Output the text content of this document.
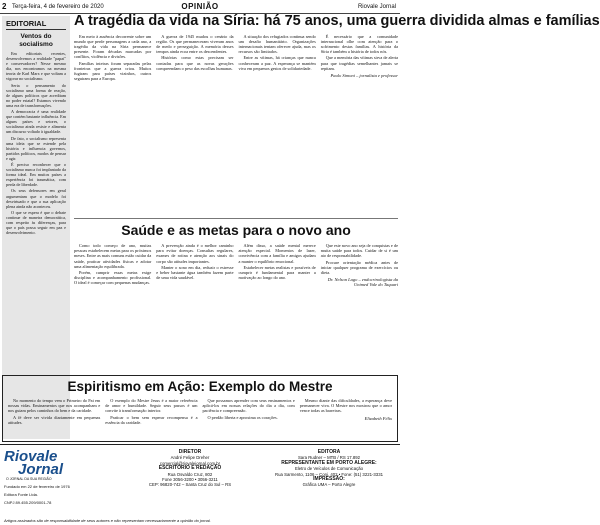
2 Terça-feira, 4 de fevereiro de 2020	OPINIÃO	Riovale Jornal
EDITORIAL
Ventos do socialismo

Em editoriais recentes, desenvolvemos a realidade "papai" e conservadores? Nesse mesmo dia, nos encontramos na mesma teoria de Karl Marx e que voltam a vigorar no socialismo.

Seria o pensamento do socialismo uma forma de reação, de alguns políticos que acreditam no poder estatal? Estamos vivendo uma era de transformações.

A democracia é uma realidade que contém bastante influência. Em alguns países e setores, o socialismo ainda resiste e alimenta um discurso voltado à igualdade.

De fato, o socialismo representa uma ideia que se estende pela história e influencia governos, partidos políticos, modos de pensar e agir.

É preciso reconhecer que o socialismo nunca foi implantado da forma ideal. Em muitos países a experiência foi traumática, com perda de liberdade.

Os seus defensores em geral argumentam que o modelo foi desvirtuado e que a sua aplicação plena ainda não aconteceu.

O que se espera é que o debate continue de maneira democrática, com respeito às diferenças, para que o país possa seguir em paz e desenvolvimento.

A tragédia da vida na Síria: há 75 anos, uma guerra dividida almas e famílias

Em meio à ausência decorrente sobre um mundo que perde personagens a cada ano, a tragédia da vida na Síria permanece presente. Foram décadas marcadas por conflitos, violência e divisões.

Famílias inteiras foram separadas pelas fronteiras que a guerra criou. Muitos fugiram para países vizinhos, outros seguiram para a Europa.

A guerra de 1945 mudou o cenário da região. Os que permaneceram viveram anos de medo e perseguição. A memória desses tempos ainda ecoa entre os descendentes.

Histórias como estas precisam ser contadas para que as novas gerações compreendam o peso das escolhas humanas.

A situação dos refugiados continua sendo um desafio humanitário. Organizações internacionais tentam oferecer ajuda, mas os recursos são limitados.

Entre as vítimas, há crianças que nunca conheceram a paz. A esperança se mantém viva em pequenos gestos de solidariedade.

É necessário que a comunidade internacional olhe com atenção para o sofrimento destas famílias. A história da Síria é também a história de todos nós.

Que a memória das vítimas sirva de alerta para que tragédias semelhantes jamais se repitam.

Paulo Simoni – jornalista e professor
Saúde e as metas para o novo ano

Como todo começo de ano, muitas pessoas estabelecem metas para os próximos meses. Entre as mais comuns estão cuidar da saúde, praticar atividades físicas e adotar uma alimentação equilibrada.

Porém, cumprir essas metas exige disciplina e acompanhamento profissional. O ideal é começar com pequenas mudanças.

A prevenção ainda é o melhor caminho para evitar doenças. Consultas regulares, exames de rotina e atenção aos sinais do corpo são atitudes importantes.

Manter o sono em dia, reduzir o estresse e beber bastante água também fazem parte de uma vida saudável.

Além disso, a saúde mental merece atenção especial. Momentos de lazer, convivência com a família e amigos ajudam a manter o equilíbrio emocional.

Estabelecer metas realistas e possíveis de cumprir é fundamental para manter a motivação ao longo do ano.

Que este novo ano seja de conquistas e de muita saúde para todos. Cuidar de si é um ato de responsabilidade.

Procure orientação médica antes de iniciar qualquer programa de exercícios ou dieta.

Dr. Nelson Lago – endocrinologista da Unimed Vale do Taquari
Espiritismo em Ação: Exemplo do Mestre

No momento do tempo vem o Primeiro do Pai em nossas vidas. Ensinamentos que nos acompanham e nos guiam pelos caminhos do bem e da caridade.

A fé deve ser vivida diariamente em pequenas atitudes.

O exemplo do Mestre Jesus é a maior referência de amor e humildade. Seguir seus passos é um convite à transformação interior.

Praticar o bem sem esperar recompensa é a essência da caridade.

Que possamos aprender com seus ensinamentos e aplicá-los em nossas relações do dia a dia, com paciência e compreensão.

O perdão liberta e aproxima os corações.

Mesmo diante das dificuldades, a esperança deve permanecer viva. O Mestre nos mostrou que o amor vence todas as barreiras.

Elizabeth Félix
Riovale
Jornal
O JORNAL DA SUA REGIÃO
Fundado em 22 de fevereiro de 1976
Editora Fonte Ltda.
CNPJ 89.455.209/0001-78
DIRETOR
André Felipe Dreher
comercial@riovalejornal.com.br
ESCRITÓRIO E REDAÇÃO
Rua Osvaldo Cruz, 802
Fone 3056-3200 • 3056-3211
CEP: 96820-742 – Santa Cruz do Sul – RS
EDITORA
Sara Rudner – MTB / RS 17.892
REPRESENTANTE EM PORTO ALEGRE:
Eletro de Veículos de Comunicação
Rua Sarmento, 1106 – Conj. 402 • Fone: (51) 3221-3331
IMPRESSÃO:
Gráfica UMA – Porto Alegre
Artigos assinados são de responsabilidade de seus autores e não representam necessariamente a opinião do jornal.
